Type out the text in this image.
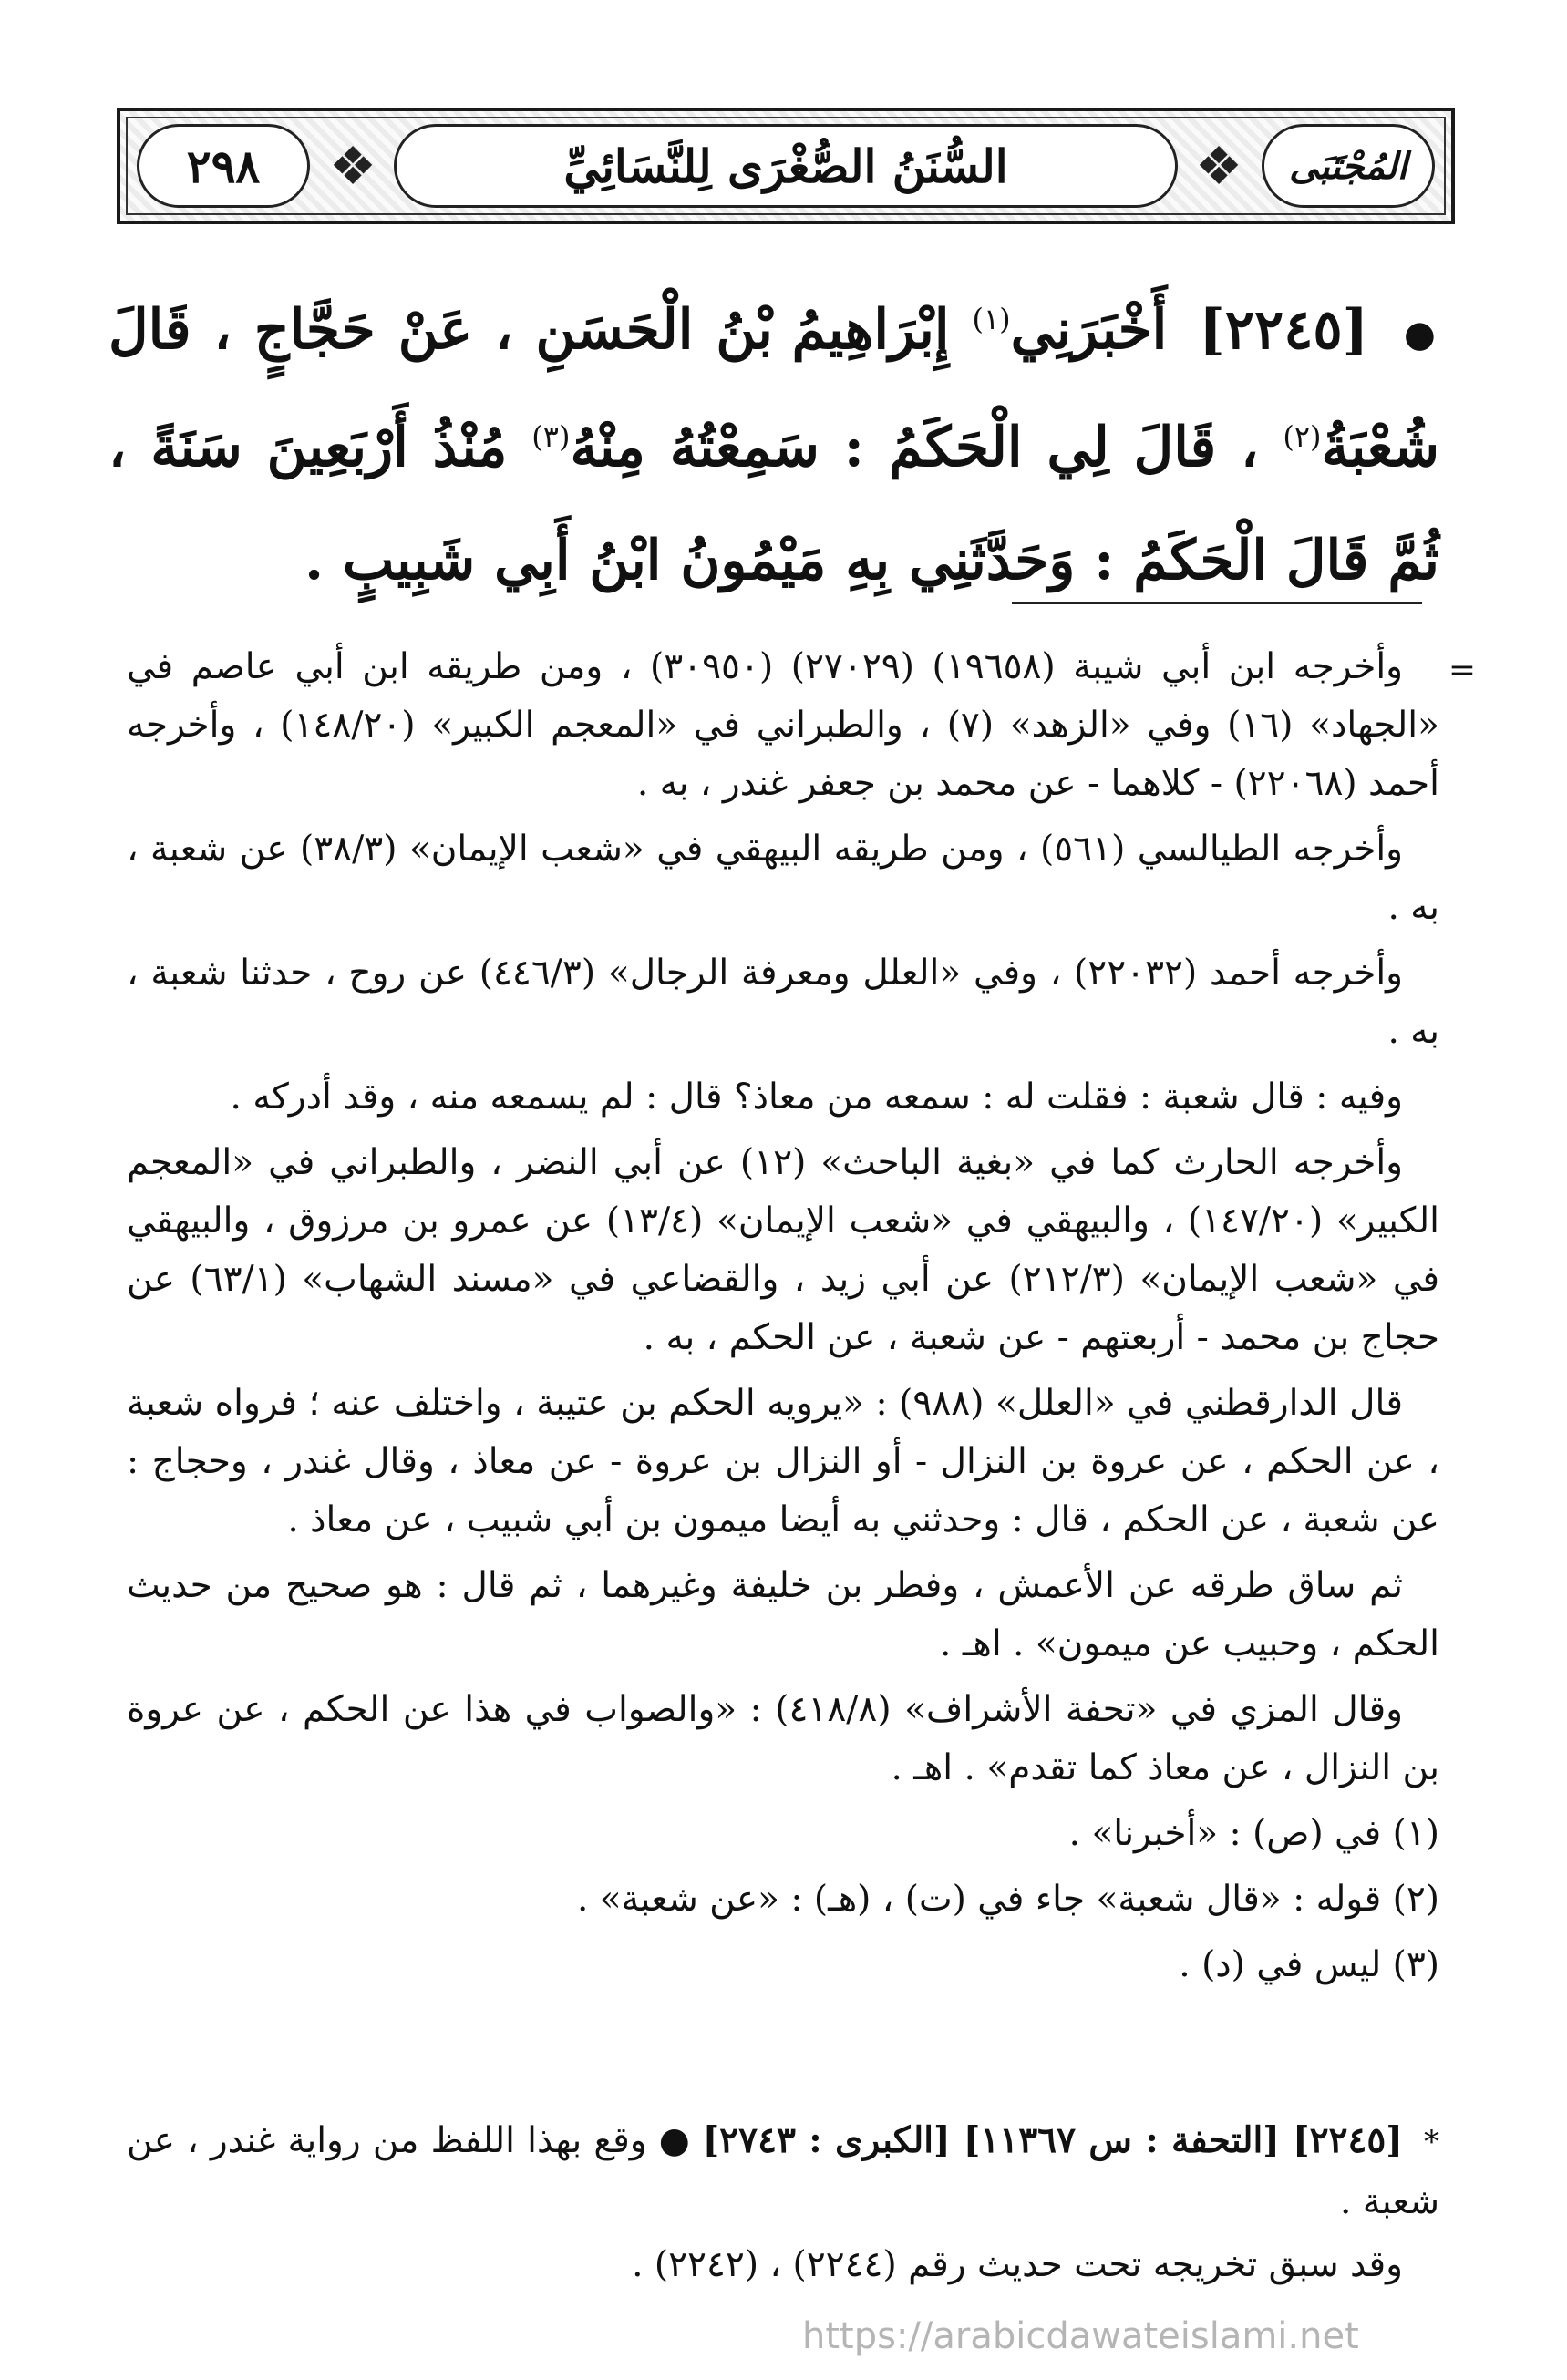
٢٩٨ ❖	السُّنَنُ الصُّغْرَى لِلنَّسَائِيِّ	❖ المُجْتَبَى
● [٢٢٤٥] أَخْبَرَنِي$^{(١)}$ إِبْرَاهِيمُ بْنُ الْحَسَنِ ، عَنْ حَجَّاجٍ ، قَالَ شُعْبَةُ$^{(٢)}$ ، قَالَ لِي الْحَكَمُ : سَمِعْتُهُ مِنْهُ$^{(٣)}$ مُنْذُ أَرْبَعِينَ سَنَةً ، ثُمَّ قَالَ الْحَكَمُ : وَحَدَّثَنِي بِهِ مَيْمُونُ ابْنُ أَبِي شَبِيبٍ .
=

وأخرجه ابن أبي شيبة (١٩٦٥٨) (٢٧٠٢٩) (٣٠٩٥٠) ، ومن طريقه ابن أبي عاصم في «الجهاد» (١٦) وفي «الزهد» (٧) ، والطبراني في «المعجم الكبير» (١٤٨/٢٠) ، وأخرجه أحمد (٢٢٠٦٨) - كلاهما - عن محمد بن جعفر غندر ، به .

وأخرجه الطيالسي (٥٦١) ، ومن طريقه البيهقي في «شعب الإيمان» (٣٨/٣) عن شعبة ، به .

وأخرجه أحمد (٢٢٠٣٢) ، وفي «العلل ومعرفة الرجال» (٤٤٦/٣) عن روح ، حدثنا شعبة ، به .

وفيه : قال شعبة : فقلت له : سمعه من معاذ؟ قال : لم يسمعه منه ، وقد أدركه .

وأخرجه الحارث كما في «بغية الباحث» (١٢) عن أبي النضر ، والطبراني في «المعجم الكبير» (١٤٧/٢٠) ، والبيهقي في «شعب الإيمان» (١٣/٤) عن عمرو بن مرزوق ، والبيهقي في «شعب الإيمان» (٢١٢/٣) عن أبي زيد ، والقضاعي في «مسند الشهاب» (٦٣/١) عن حجاج بن محمد - أربعتهم - عن شعبة ، عن الحكم ، به .

قال الدارقطني في «العلل» (٩٨٨) : «يرويه الحكم بن عتيبة ، واختلف عنه ؛ فرواه شعبة ، عن الحكم ، عن عروة بن النزال - أو النزال بن عروة - عن معاذ ، وقال غندر ، وحجاج : عن شعبة ، عن الحكم ، قال : وحدثني به أيضا ميمون بن أبي شبيب ، عن معاذ .

ثم ساق طرقه عن الأعمش ، وفطر بن خليفة وغيرهما ، ثم قال : هو صحيح من حديث الحكم ، وحبيب عن ميمون» . اهـ .

وقال المزي في «تحفة الأشراف» (٤١٨/٨) : «والصواب في هذا عن الحكم ، عن عروة بن النزال ، عن معاذ كما تقدم» . اهـ .

(١) في (ص) : «أخبرنا» .

(٢) قوله : «قال شعبة» جاء في (ت) ، (هـ) : «عن شعبة» .

(٣) ليس في (د) .

* [٢٢٤٥] [التحفة : س ١١٣٦٧] [الكبرى : ٢٧٤٣] ● وقع بهذا اللفظ من رواية غندر ، عن شعبة .
وقد سبق تخريجه تحت حديث رقم (٢٢٤٤) ، (٢٢٤٢) .
https://arabicdawateislami.net
